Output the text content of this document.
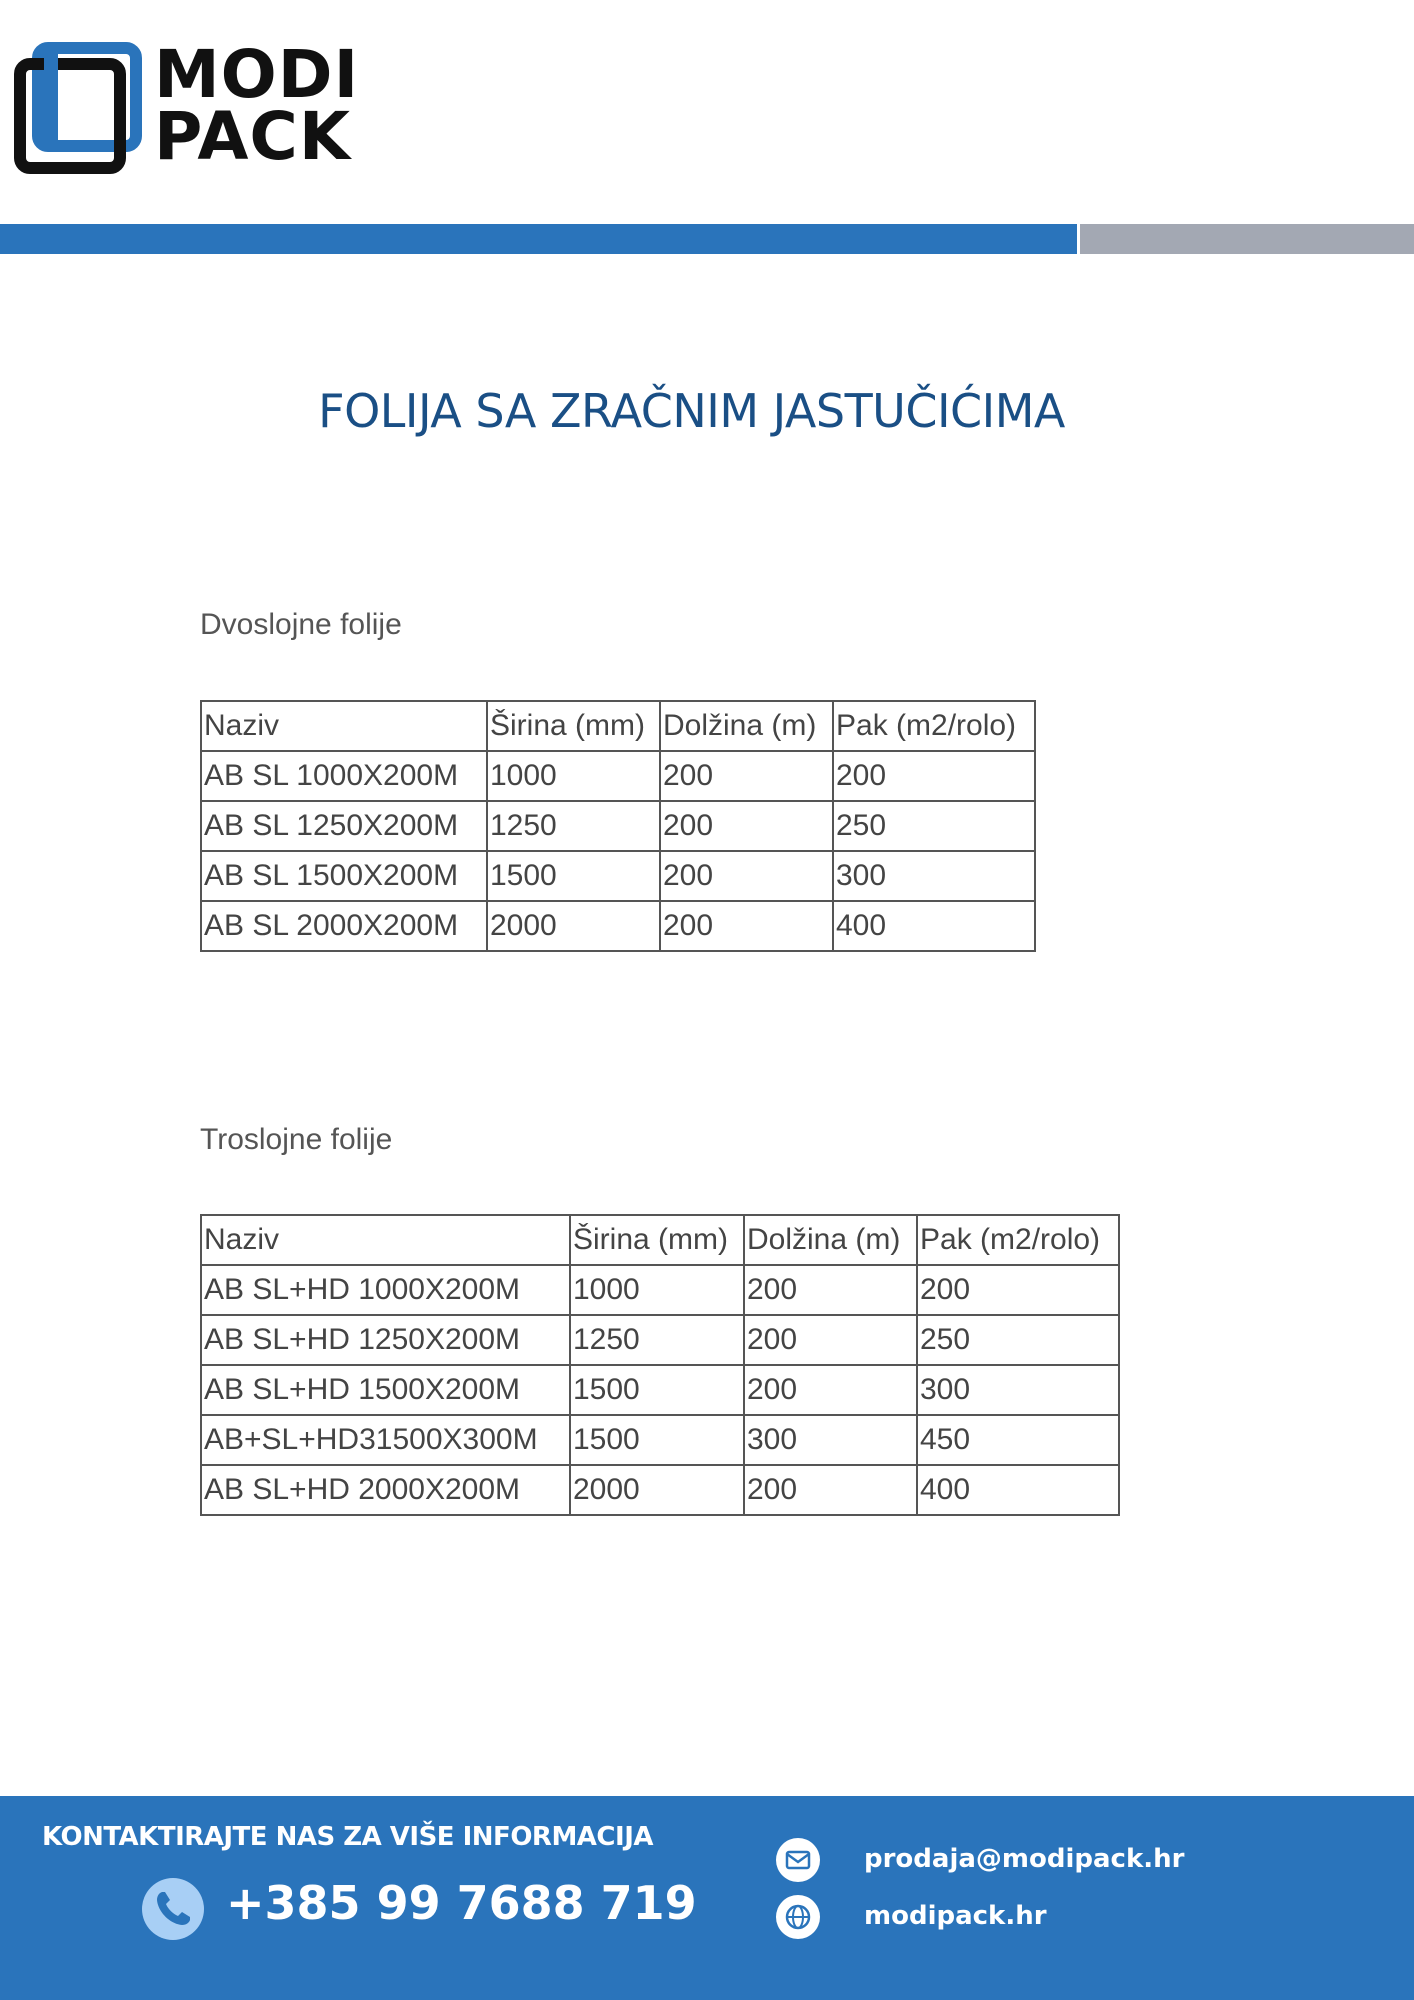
MODI
PACK
FOLIJA SA ZRAČNIM JASTUČIĆIMA
Dvoslojne folije
Naziv	Širina (mm)	Dolžina (m)	Pak (m2/rolo)
AB SL 1000X200M	1000	200	200
AB SL 1250X200M	1250	200	250
AB SL 1500X200M	1500	200	300
AB SL 2000X200M	2000	200	400
Troslojne folije
Naziv	Širina (mm)	Dolžina (m)	Pak (m2/rolo)
AB SL+HD 1000X200M	1000	200	200
AB SL+HD 1250X200M	1250	200	250
AB SL+HD 1500X200M	1500	200	300
AB+SL+HD31500X300M	1500	300	450
AB SL+HD 2000X200M	2000	200	400
KONTAKTIRAJTE NAS ZA VIŠE INFORMACIJA
+385 99 7688 719
prodaja@modipack.hr
modipack.hr
